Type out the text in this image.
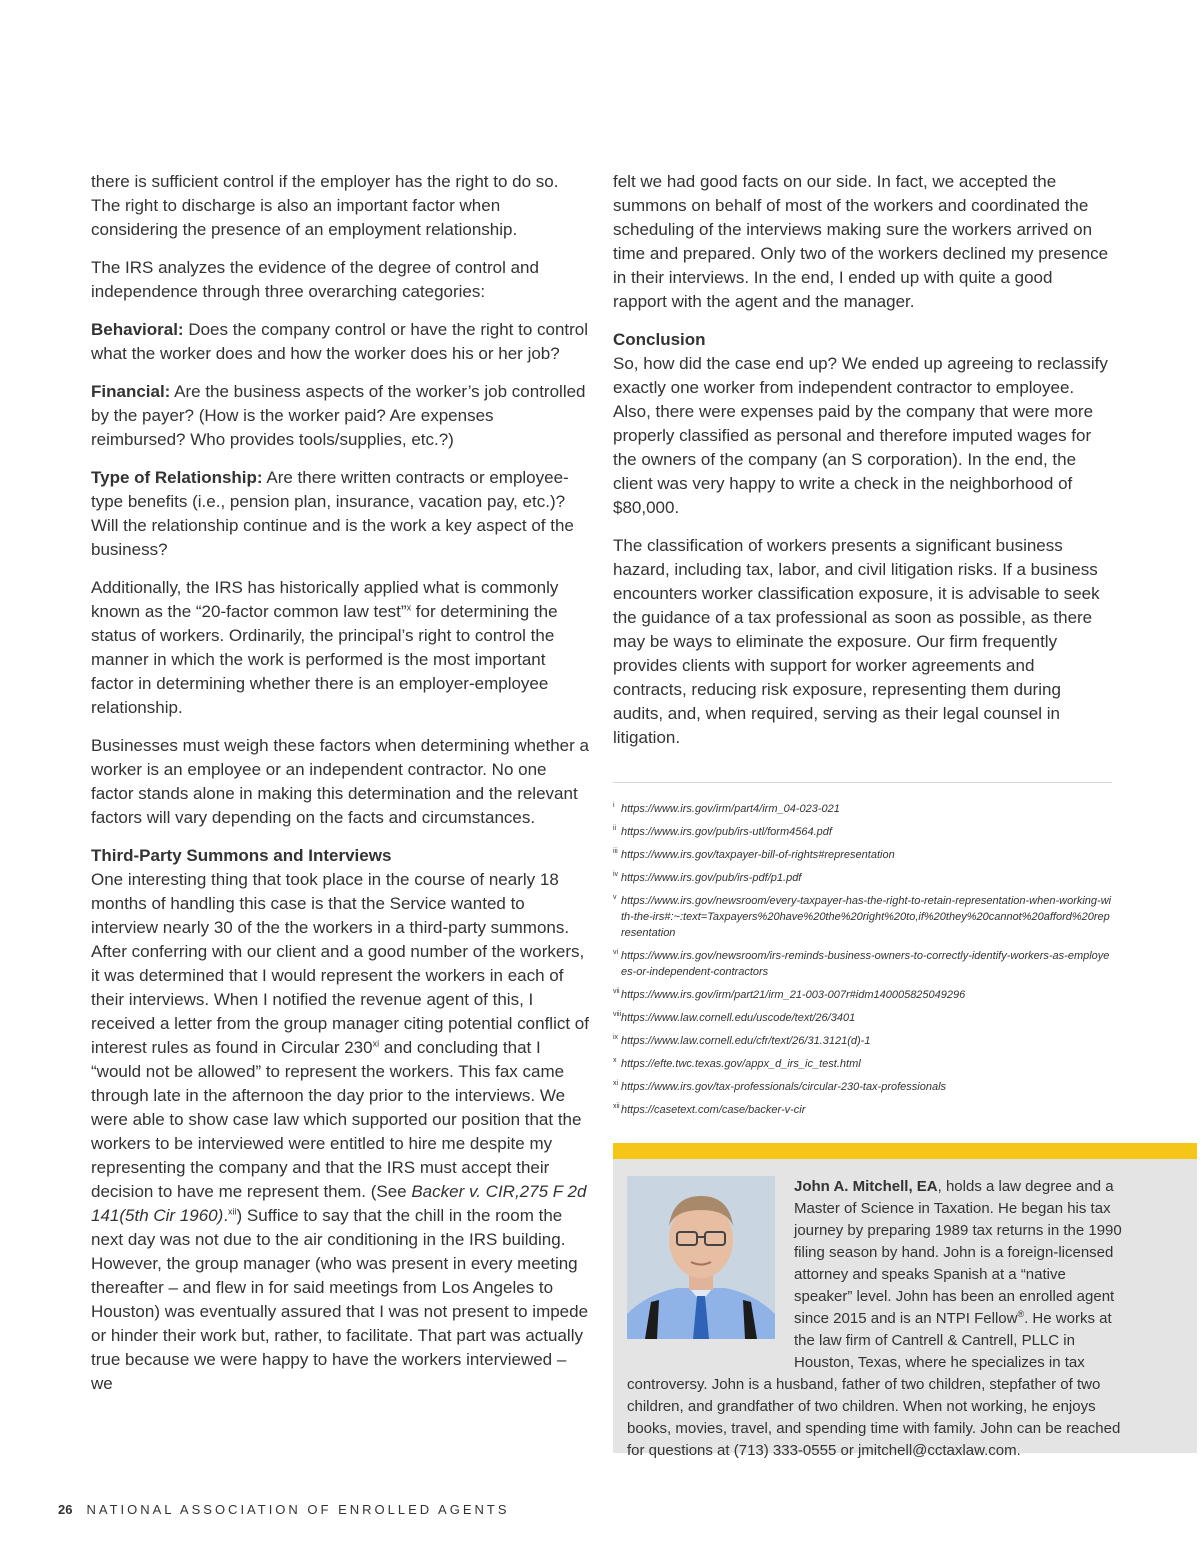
there is sufficient control if the employer has the right to do so. The right to discharge is also an important factor when considering the presence of an employment relationship.

The IRS analyzes the evidence of the degree of control and independence through three overarching categories:

Behavioral: Does the company control or have the right to control what the worker does and how the worker does his or her job?

Financial: Are the business aspects of the worker’s job controlled by the payer? (How is the worker paid? Are expenses reimbursed? Who provides tools/supplies, etc.?)

Type of Relationship: Are there written contracts or employee-type benefits (i.e., pension plan, insurance, vacation pay, etc.)? Will the relationship continue and is the work a key aspect of the business?

Additionally, the IRS has historically applied what is commonly known as the “20-factor common law test”$^x$ for determining the status of workers. Ordinarily, the principal’s right to control the manner in which the work is performed is the most important factor in determining whether there is an employer-employee relationship.

Businesses must weigh these factors when determining whether a worker is an employee or an independent contractor. No one factor stands alone in making this determination and the relevant factors will vary depending on the facts and circumstances.

Third-Party Summons and Interviews

One interesting thing that took place in the course of nearly 18 months of handling this case is that the Service wanted to interview nearly 30 of the the workers in a third-party summons. After conferring with our client and a good number of the workers, it was determined that I would represent the workers in each of their interviews. When I notified the revenue agent of this, I received a letter from the group manager citing potential conflict of interest rules as found in Circular 230$^{xi}$ and concluding that I “would not be allowed” to represent the workers. This fax came through late in the afternoon the day prior to the interviews. We were able to show case law which supported our position that the workers to be interviewed were entitled to hire me despite my representing the company and that the IRS must accept their decision to have me represent them. (See Backer v. CIR,275 F 2d 141(5th Cir 1960).$^{xii}$) Suffice to say that the chill in the room the next day was not due to the air conditioning in the IRS building. However, the group manager (who was present in every meeting thereafter – and flew in for said meetings from Los Angeles to Houston) was eventually assured that I was not present to impede or hinder their work but, rather, to facilitate. That part was actually true because we were happy to have the workers interviewed – we

felt we had good facts on our side. In fact, we accepted the summons on behalf of most of the workers and coordinated the scheduling of the interviews making sure the workers arrived on time and prepared. Only two of the workers declined my presence in their interviews. In the end, I ended up with quite a good rapport with the agent and the manager.

Conclusion

So, how did the case end up? We ended up agreeing to reclassify exactly one worker from independent contractor to employee. Also, there were expenses paid by the company that were more properly classified as personal and therefore imputed wages for the owners of the company (an S corporation). In the end, the client was very happy to write a check in the neighborhood of $80,000.

The classification of workers presents a significant business hazard, including tax, labor, and civil litigation risks. If a business encounters worker classification exposure, it is advisable to seek the guidance of a tax professional as soon as possible, as there may be ways to eliminate the exposure. Our firm frequently provides clients with support for worker agreements and contracts, reducing risk exposure, representing them during audits, and, when required, serving as their legal counsel in litigation.

i https://www.irs.gov/irm/part4/irm_04-023-021
ii https://www.irs.gov/pub/irs-utl/form4564.pdf
iii https://www.irs.gov/taxpayer-bill-of-rights#representation
iv https://www.irs.gov/pub/irs-pdf/p1.pdf
v https://www.irs.gov/newsroom/every-taxpayer-has-the-right-to-retain-representation-when-working-with-the-irs#:~:text=Taxpayers%20have%20the%20right%20to,if%20they%20cannot%20afford%20representation
vi https://www.irs.gov/newsroom/irs-reminds-business-owners-to-correctly-identify-workers-as-employees-or-independent-contractors
vii https://www.irs.gov/irm/part21/irm_21-003-007r#idm140005825049296
viii https://www.law.cornell.edu/uscode/text/26/3401
ix https://www.law.cornell.edu/cfr/text/26/31.3121(d)-1
x https://efte.twc.texas.gov/appx_d_irs_ic_test.html
xi https://www.irs.gov/tax-professionals/circular-230-tax-professionals
xii https://casetext.com/case/backer-v-cir
John A. Mitchell, EA, holds a law degree and a Master of Science in Taxation. He began his tax journey by preparing 1989 tax returns in the 1990 filing season by hand. John is a foreign-licensed attorney and speaks Spanish at a “native speaker” level. John has been an enrolled agent since 2015 and is an NTPI Fellow®. He works at the law firm of Cantrell & Cantrell, PLLC in Houston, Texas, where he specializes in tax controversy. John is a husband, father of two children, stepfather of two children, and grandfather of two children. When not working, he enjoys books, movies, travel, and spending time with family. John can be reached for questions at (713) 333-0555 or jmitchell@cctaxlaw.com.
26 NATIONAL ASSOCIATION OF ENROLLED AGENTS
